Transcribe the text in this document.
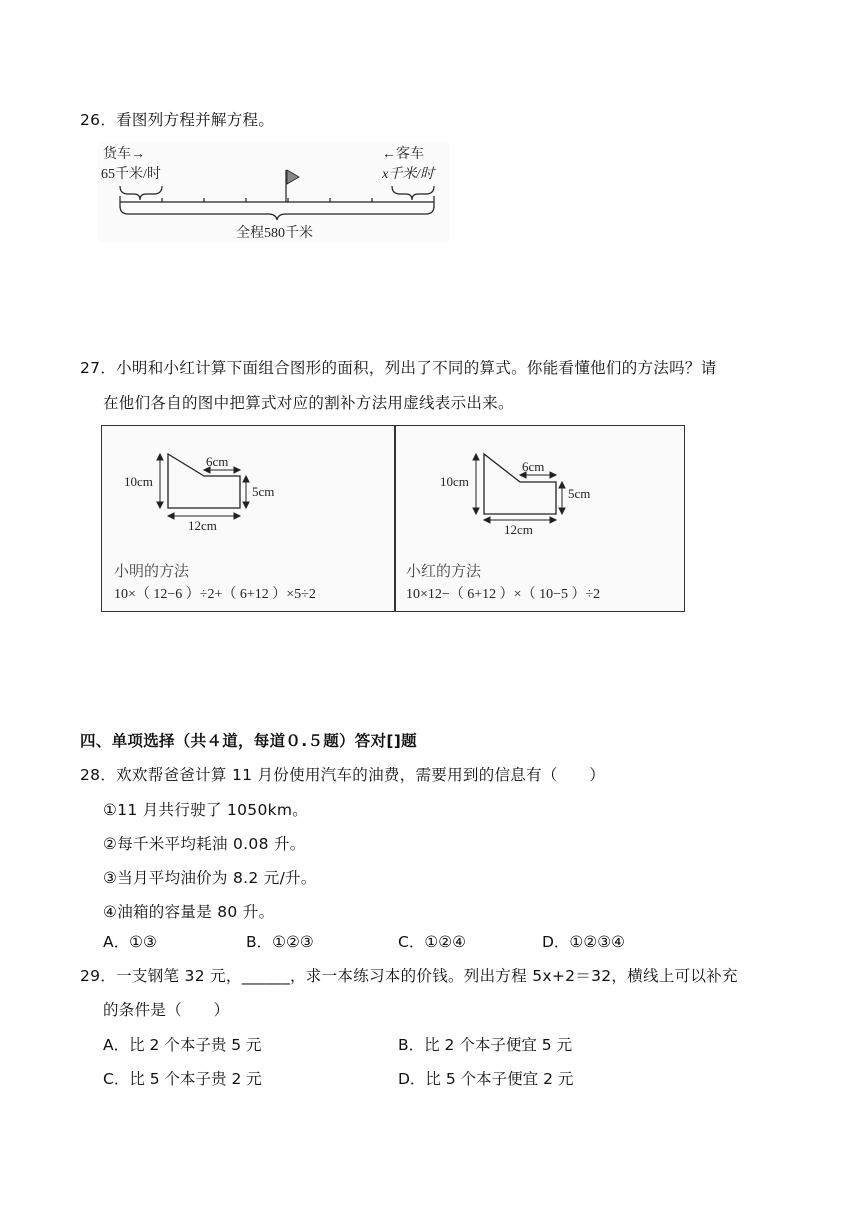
26．看图列方程并解方程。
货车→
65千米/时
←客车
x千米/时
全程580千米
27．小明和小红计算下面组合图形的面积，列出了不同的算式。你能看懂他们的方法吗？请
在他们各自的图中把算式对应的割补方法用虚线表示出来。
10cm
6cm
5cm
12cm
小明的方法
10×（ 12−6 ）÷2+（ 6+12 ）×5÷2
10cm
6cm
5cm
12cm
小红的方法
10×12−（ 6+12 ）×（ 10−5 ）÷2
四、单项选择（共４道，每道０.５题）答对[]题
28．欢欢帮爸爸计算 11 月份使用汽车的油费，需要用到的信息有（　　）
①11 月共行驶了 1050km。
②每千米平均耗油 0.08 升。
③当月平均油价为 8.2 元/升。
④油箱的容量是 80 升。
A．①③	B．①②③	C．①②④	D．①②③④
29．一支钢笔 32 元，______，求一本练习本的价钱。列出方程 5x+2＝32，横线上可以补充
的条件是（　　）
A．比 2 个本子贵 5 元	B．比 2 个本子便宜 5 元
C．比 5 个本子贵 2 元	D．比 5 个本子便宜 2 元
